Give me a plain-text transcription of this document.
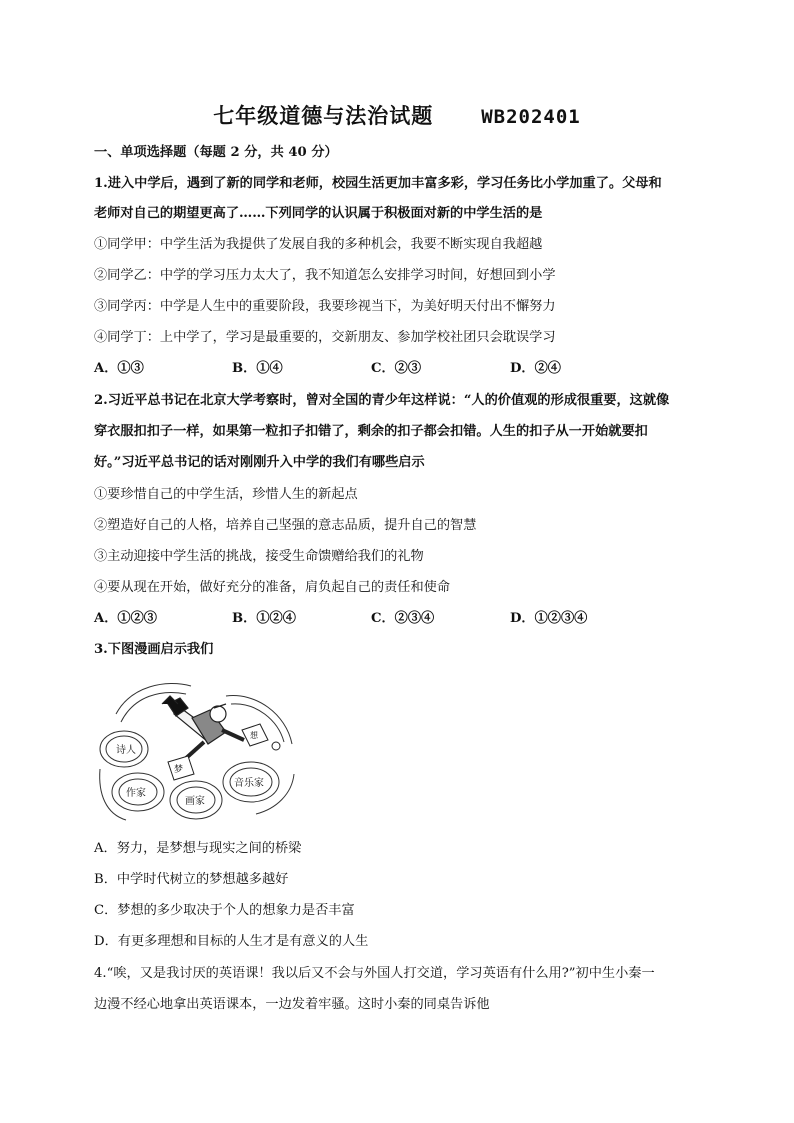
七年级道德与法治试题	WB202401
一、单项选择题（每题 2 分，共 40 分）
1.进入中学后，遇到了新的同学和老师，校园生活更加丰富多彩，学习任务比小学加重了。父母和
老师对自己的期望更高了……下列同学的认识属于积极面对新的中学生活的是
①同学甲：中学生活为我提供了发展自我的多种机会，我要不断实现自我超越
②同学乙：中学的学习压力太大了，我不知道怎么安排学习时间，好想回到小学
③同学丙：中学是人生中的重要阶段，我要珍视当下，为美好明天付出不懈努力
④同学丁：上中学了，学习是最重要的，交新朋友、参加学校社团只会耽误学习
A．①③	B．①④	C．②③	D．②④
2.习近平总书记在北京大学考察时，曾对全国的青少年这样说：“人的价值观的形成很重要，这就像
穿衣服扣扣子一样，如果第一粒扣子扣错了，剩余的扣子都会扣错。人生的扣子从一开始就要扣
好。”习近平总书记的话对刚刚升入中学的我们有哪些启示
①要珍惜自己的中学生活，珍惜人生的新起点
②塑造好自己的人格，培养自己坚强的意志品质，提升自己的智慧
③主动迎接中学生活的挑战，接受生命馈赠给我们的礼物
④要从现在开始，做好充分的准备，肩负起自己的责任和使命
A．①②③	B．①②④	C．②③④	D．①②③④
3.下图漫画启示我们
诗人
想
梦
音乐家
作家
画家
A．努力，是梦想与现实之间的桥梁
B．中学时代树立的梦想越多越好
C．梦想的多少取决于个人的想象力是否丰富
D．有更多理想和目标的人生才是有意义的人生
4.“唉，又是我讨厌的英语课！我以后又不会与外国人打交道，学习英语有什么用?”初中生小秦一
边漫不经心地拿出英语课本，一边发着牢骚。这时小秦的同桌告诉他
